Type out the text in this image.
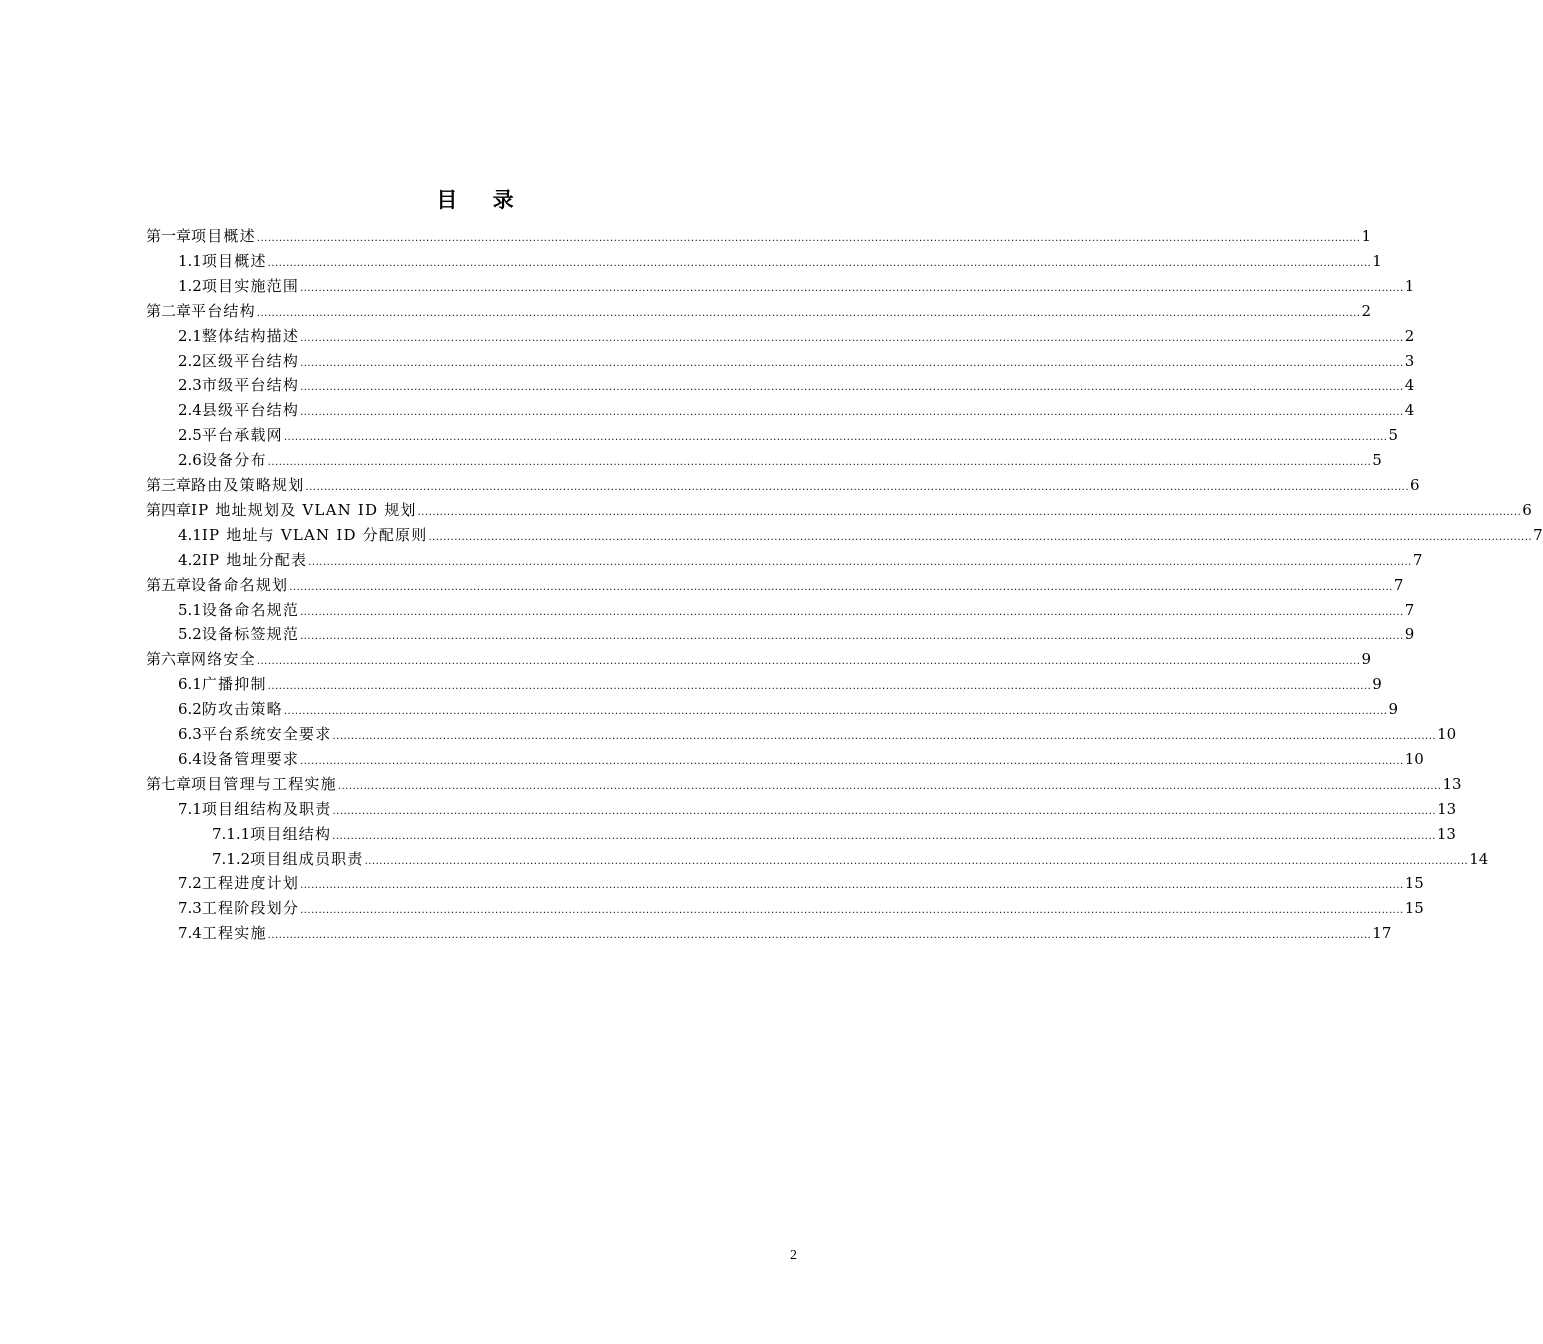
目 录
第一章 项目概述 ............................................................................................................................................................................................................................................................................................................ 1
1.1 项目概述 ............................................................................................................................................................................................................................................................................................................ 1
1.2 项目实施范围 ............................................................................................................................................................................................................................................................................................................ 1
第二章 平台结构 ............................................................................................................................................................................................................................................................................................................ 2
2.1 整体结构描述 ............................................................................................................................................................................................................................................................................................................ 2
2.2 区级平台结构 ............................................................................................................................................................................................................................................................................................................ 3
2.3 市级平台结构 ............................................................................................................................................................................................................................................................................................................ 4
2.4 县级平台结构 ............................................................................................................................................................................................................................................................................................................ 4
2.5 平台承载网 ............................................................................................................................................................................................................................................................................................................ 5
2.6 设备分布 ............................................................................................................................................................................................................................................................................................................ 5
第三章 路由及策略规划 ............................................................................................................................................................................................................................................................................................................ 6
第四章 IP 地址规划及 VLAN ID 规划 ............................................................................................................................................................................................................................................................................................................ 6
4.1 IP 地址与 VLAN ID 分配原则 ............................................................................................................................................................................................................................................................................................................ 7
4.2 IP 地址分配表 ............................................................................................................................................................................................................................................................................................................ 7
第五章 设备命名规划 ............................................................................................................................................................................................................................................................................................................ 7
5.1 设备命名规范 ............................................................................................................................................................................................................................................................................................................ 7
5.2 设备标签规范 ............................................................................................................................................................................................................................................................................................................ 9
第六章 网络安全 ............................................................................................................................................................................................................................................................................................................ 9
6.1 广播抑制 ............................................................................................................................................................................................................................................................................................................ 9
6.2 防攻击策略 ............................................................................................................................................................................................................................................................................................................ 9
6.3 平台系统安全要求 ............................................................................................................................................................................................................................................................................................................ 10
6.4 设备管理要求 ............................................................................................................................................................................................................................................................................................................ 10
第七章 项目管理与工程实施 ............................................................................................................................................................................................................................................................................................................ 13
7.1 项目组结构及职责 ............................................................................................................................................................................................................................................................................................................ 13
7.1.1 项目组结构 ............................................................................................................................................................................................................................................................................................................ 13
7.1.2 项目组成员职责 ............................................................................................................................................................................................................................................................................................................ 14
7.2 工程进度计划 ............................................................................................................................................................................................................................................................................................................ 15
7.3 工程阶段划分 ............................................................................................................................................................................................................................................................................................................ 15
7.4 工程实施 ............................................................................................................................................................................................................................................................................................................ 17
2
